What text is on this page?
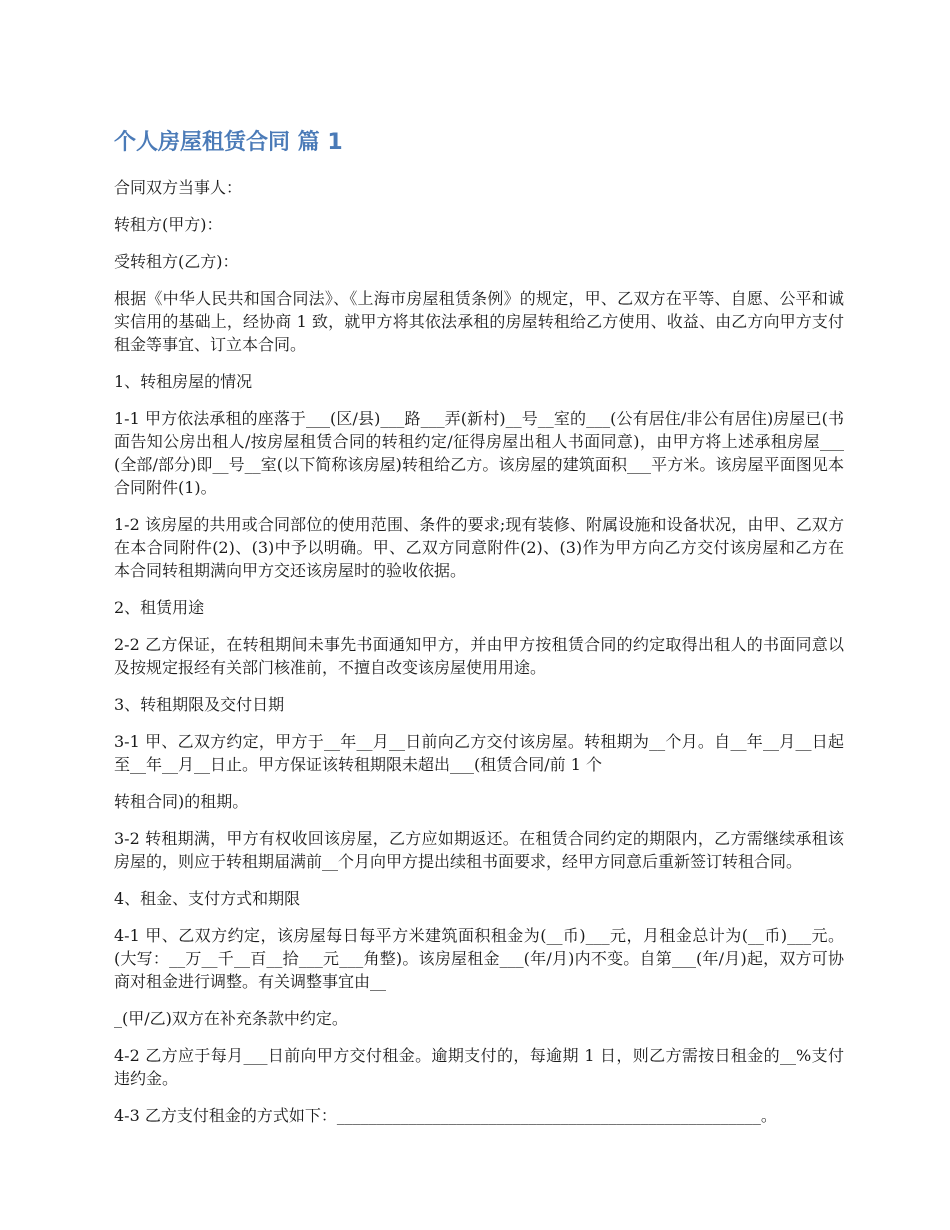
个人房屋租赁合同 篇 1

合同双方当事人：

转租方(甲方)：

受转租方(乙方)：

根据《中华人民共和国合同法》、《上海市房屋租赁条例》的规定，甲、乙双方在平等、自愿、公平和诚实信用的基础上，经协商 1 致，就甲方将其依法承租的房屋转租给乙方使用、收益、由乙方向甲方支付租金等事宜、订立本合同。

1、转租房屋的情况

1-1 甲方依法承租的座落于___(区/县)___路___弄(新村)__号__室的___(公有居住/非公有居住)房屋已(书面告知公房出租人/按房屋租赁合同的转租约定/征得房屋出租人书面同意)，由甲方将上述承租房屋___(全部/部分)即__号__室(以下简称该房屋)转租给乙方。该房屋的建筑面积___平方米。该房屋平面图见本合同附件(1)。

1-2 该房屋的共用或合同部位的使用范围、条件的要求;现有装修、附属设施和设备状况，由甲、乙双方在本合同附件(2)、(3)中予以明确。甲、乙双方同意附件(2)、(3)作为甲方向乙方交付该房屋和乙方在本合同转租期满向甲方交还该房屋时的验收依据。

2、租赁用途

2-2 乙方保证，在转租期间未事先书面通知甲方，并由甲方按租赁合同的约定取得出租人的书面同意以及按规定报经有关部门核准前，不擅自改变该房屋使用用途。

3、转租期限及交付日期

3-1 甲、乙双方约定，甲方于__年__月__日前向乙方交付该房屋。转租期为__个月。自__年__月__日起至__年__月__日止。甲方保证该转租期限未超出___(租赁合同/前 1 个

转租合同)的租期。

3-2 转租期满，甲方有权收回该房屋，乙方应如期返还。在租赁合同约定的期限内，乙方需继续承租该房屋的，则应于转租期届满前__个月向甲方提出续租书面要求，经甲方同意后重新签订转租合同。

4、租金、支付方式和期限

4-1 甲、乙双方约定，该房屋每日每平方米建筑面积租金为(__币)___元，月租金总计为(__币)___元。(大写：__万__千__百__拾___元___角整)。该房屋租金___(年/月)内不变。自第___(年/月)起，双方可协商对租金进行调整。有关调整事宜由__

_(甲/乙)双方在补充条款中约定。

4-2 乙方应于每月___日前向甲方交付租金。逾期支付的，每逾期 1 日，则乙方需按日租金的__%支付违约金。

4-3 乙方支付租金的方式如下：_____________________________________________________。
